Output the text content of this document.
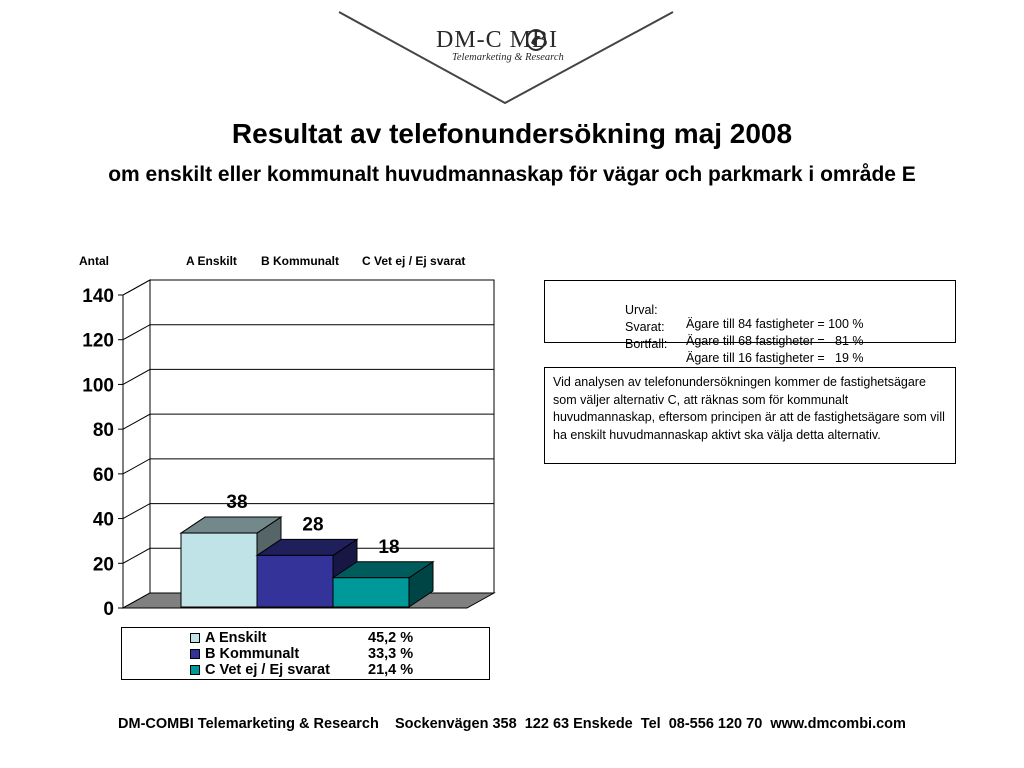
DM-C MBI
Telemarketing & Research
Resultat av telefonundersökning maj 2008
om enskilt eller kommunalt huvudmannaskap för vägar och parkmark i område E
Antal	A Enskilt B Kommunalt C Vet ej / Ej svarat
0
20
40
60
80
100
120
140
38
28
18
A Enskilt	45,2 %
B Kommunalt	33,3 %
C Vet ej / Ej svarat	21,4 %

Urval:

Ägare till 84 fastigheter = 100 %

Svarat:

Ägare till 68 fastigheter =   81 %

Bortfall:

Ägare till 16 fastigheter =   19 %

Vid analysen av telefonundersökningen kommer de fastighetsägare som väljer alternativ C, att räknas som för kommunalt huvudmannaskap, eftersom principen är att de fastighetsägare som vill ha enskilt huvudmannaskap aktivt ska välja detta alternativ.
DM-COMBI Telemarketing & Research    Sockenvägen 358  122 63 Enskede  Tel  08-556 120 70  www.dmcombi.com
